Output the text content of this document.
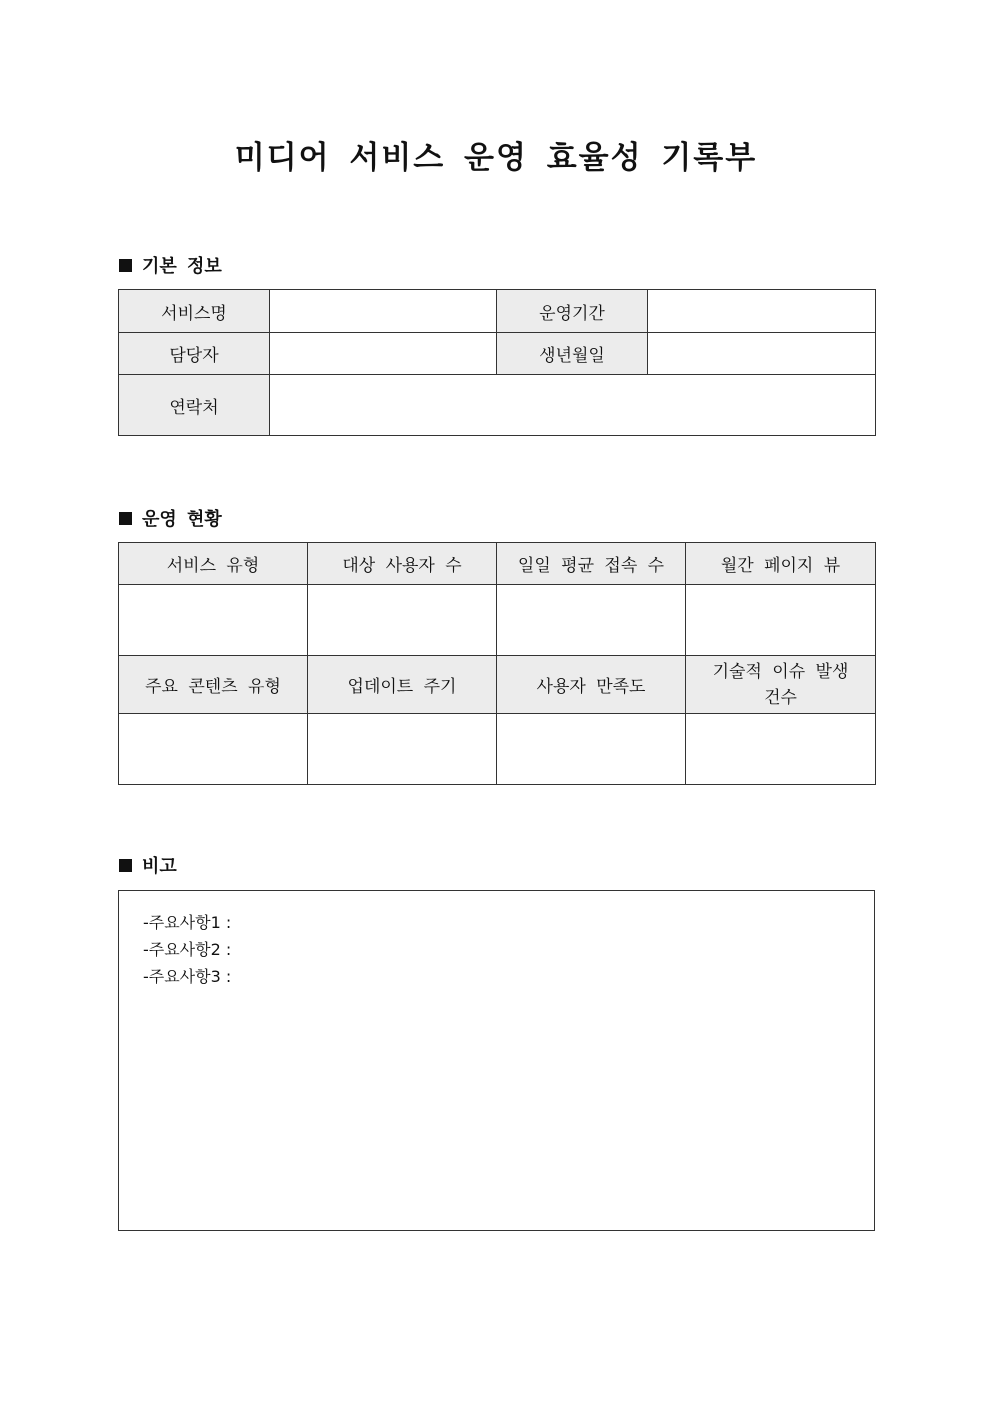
미디어 서비스 운영 효율성 기록부
기본 정보
서비스명		운영기간	
담당자		생년월일	
연락처			
운영 현황
서비스 유형	대상 사용자 수	일일 평균 접속 수	월간 페이지 뷰

주요 콘텐츠 유형	업데이트 주기	사용자 만족도	기술적 이슈 발생 건수

비고
-주요사항1 :
-주요사항2 :
-주요사항3 :
